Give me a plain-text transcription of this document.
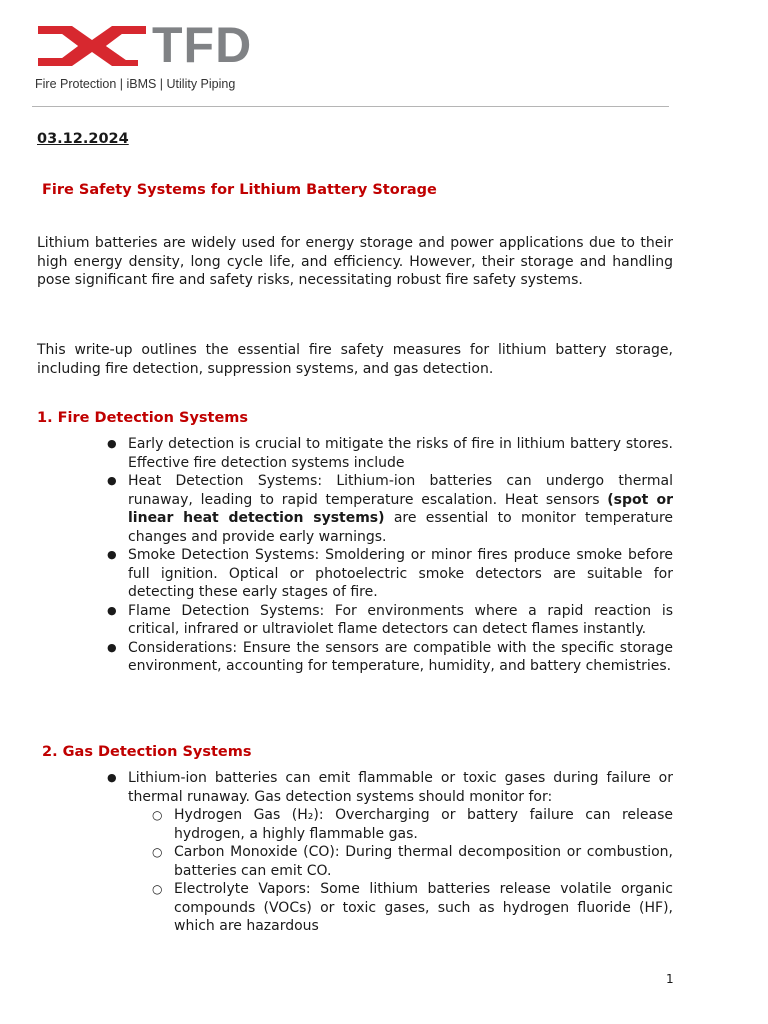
TFD
Fire Protection | iBMS | Utility Piping
03.12.2024
Fire Safety Systems for Lithium Battery Storage

Lithium batteries are widely used for energy storage and power applications due to their high energy density, long cycle life, and efficiency. However, their storage and handling pose significant fire and safety risks, necessitating robust fire safety systems.

This write-up outlines the essential fire safety measures for lithium battery storage, including fire detection, suppression systems, and gas detection.

1. Fire Detection Systems
● Early detection is crucial to mitigate the risks of fire in lithium battery stores. Effective fire detection systems include
● Heat Detection Systems: Lithium-ion batteries can undergo thermal runaway, leading to rapid temperature escalation. Heat sensors (spot or linear heat detection systems) are essential to monitor temperature changes and provide early warnings.
● Smoke Detection Systems: Smoldering or minor fires produce smoke before full ignition. Optical or photoelectric smoke detectors are suitable for detecting these early stages of fire.
● Flame Detection Systems: For environments where a rapid reaction is critical, infrared or ultraviolet flame detectors can detect flames instantly.
● Considerations: Ensure the sensors are compatible with the specific storage environment, accounting for temperature, humidity, and battery chemistries.
2. Gas Detection Systems
● Lithium-ion batteries can emit flammable or toxic gases during failure or thermal runaway. Gas detection systems should monitor for:
○ Hydrogen Gas (H₂): Overcharging or battery failure can release hydrogen, a highly flammable gas.
○ Carbon Monoxide (CO): During thermal decomposition or combustion, batteries can emit CO.
○ Electrolyte Vapors: Some lithium batteries release volatile organic compounds (VOCs) or toxic gases, such as hydrogen fluoride (HF), which are hazardous
1
